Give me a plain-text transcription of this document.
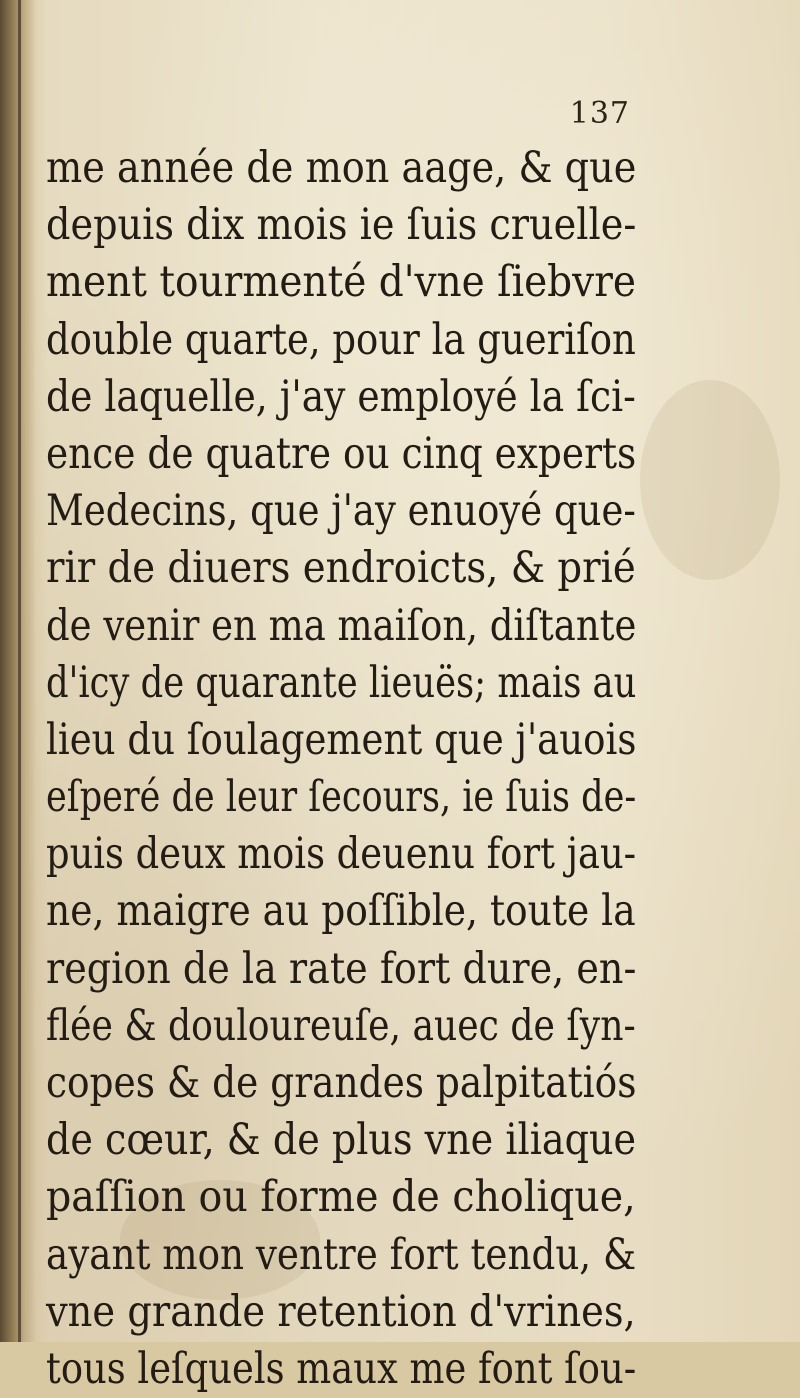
137
me année de mon aage, & que
depuis dix mois ie ſuis cruelle-
ment tourmenté d'vne ſiebvre
double quarte, pour la gueriſon
de laquelle, j'ay employé la ſci-
ence de quatre ou cinq experts
Medecins, que j'ay enuoyé que-
rir de diuers endroicts, & prié
de venir en ma maiſon, diſtante
d'icy de quarante lieuës; mais au
lieu du ſoulagement que j'auois
eſperé de leur ſecours, ie ſuis de-
puis deux mois deuenu fort jau-
ne, maigre au poſſible, toute la
region de la rate fort dure, en-
flée & douloureuſe, auec de ſyn-
copes & de grandes palpitatiós
de cœur, & de plus vne iliaque
paſſion ou forme de cholique,
ayant mon ventre fort tendu, &
vne grande retention d'vrines,
tous leſquels maux me font ſou-
